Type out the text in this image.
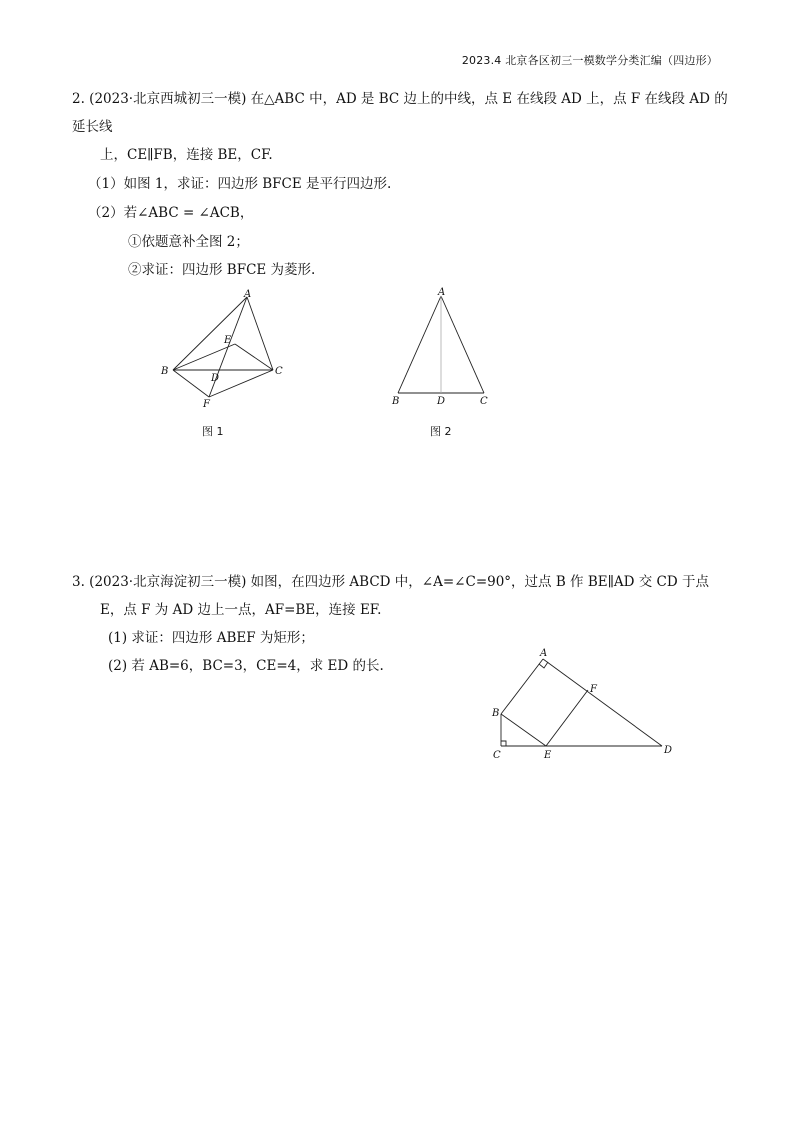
2023.4 北京各区初三一模数学分类汇编（四边形）
2. (2023·北京西城初三一模) 在△ABC 中，AD 是 BC 边上的中线，点 E 在线段 AD 上，点 F 在线段 AD 的
延长线
上，CE∥FB，连接 BE，CF.
（1）如图 1，求证：四边形 BFCE 是平行四边形.
（2）若∠ABC = ∠ACB，
①依题意补全图 2；
②求证：四边形 BFCE 为菱形.
A
E
B	C
D
F
图 1
A
B	D	C
图 2
3. (2023·北京海淀初三一模) 如图，在四边形 ABCD 中，∠A=∠C=90°，过点 B 作 BE∥AD 交 CD 于点
E，点 F 为 AD 边上一点，AF=BE，连接 EF.
(1) 求证：四边形 ABEF 为矩形；
(2) 若 AB=6，BC=3，CE=4，求 ED 的长.
A
F
B
C	E	D
